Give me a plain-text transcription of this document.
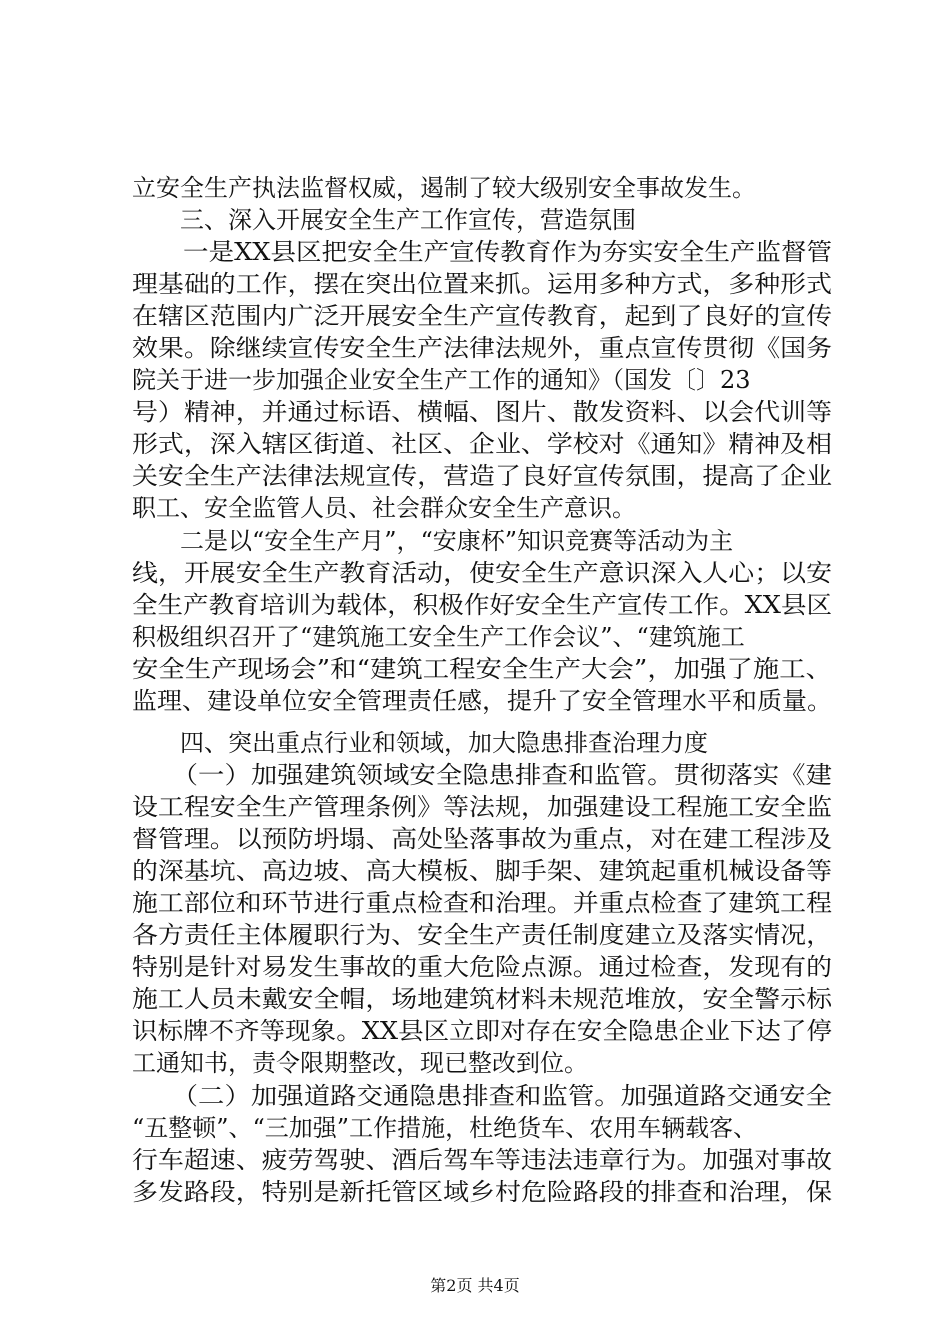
立安全生产执法监督权威，遏制了较大级别安全事故发生。
　　三、深入开展安全生产工作宣传，营造氛围
　　一是XX县区把安全生产宣传教育作为夯实安全生产监督管
理基础的工作，摆在突出位置来抓。运用多种方式，多种形式
在辖区范围内广泛开展安全生产宣传教育，起到了良好的宣传
效果。除继续宣传安全生产法律法规外，重点宣传贯彻《国务
院关于进一步加强企业安全生产工作的通知》（国发〔〕23
号）精神，并通过标语、横幅、图片、散发资料、以会代训等
形式，深入辖区街道、社区、企业、学校对《通知》精神及相
关安全生产法律法规宣传，营造了良好宣传氛围，提高了企业
职工、安全监管人员、社会群众安全生产意识。
　　二是以“安全生产月”，“安康杯”知识竞赛等活动为主
线，开展安全生产教育活动，使安全生产意识深入人心；以安
全生产教育培训为载体，积极作好安全生产宣传工作。XX县区
积极组织召开了“建筑施工安全生产工作会议”、“建筑施工
安全生产现场会”和“建筑工程安全生产大会”，加强了施工、
监理、建设单位安全管理责任感，提升了安全管理水平和质量。
　　四、突出重点行业和领域，加大隐患排查治理力度
　　（一）加强建筑领域安全隐患排查和监管。贯彻落实《建
设工程安全生产管理条例》等法规，加强建设工程施工安全监
督管理。以预防坍塌、高处坠落事故为重点，对在建工程涉及
的深基坑、高边坡、高大模板、脚手架、建筑起重机械设备等
施工部位和环节进行重点检查和治理。并重点检查了建筑工程
各方责任主体履职行为、安全生产责任制度建立及落实情况，
特别是针对易发生事故的重大危险点源。通过检查，发现有的
施工人员未戴安全帽，场地建筑材料未规范堆放，安全警示标
识标牌不齐等现象。XX县区立即对存在安全隐患企业下达了停
工通知书，责令限期整改，现已整改到位。
　　（二）加强道路交通隐患排查和监管。加强道路交通安全
“五整顿”、“三加强”工作措施，杜绝货车、农用车辆载客、
行车超速、疲劳驾驶、酒后驾车等违法违章行为。加强对事故
多发路段，特别是新托管区域乡村危险路段的排查和治理，保
第2页 共4页
